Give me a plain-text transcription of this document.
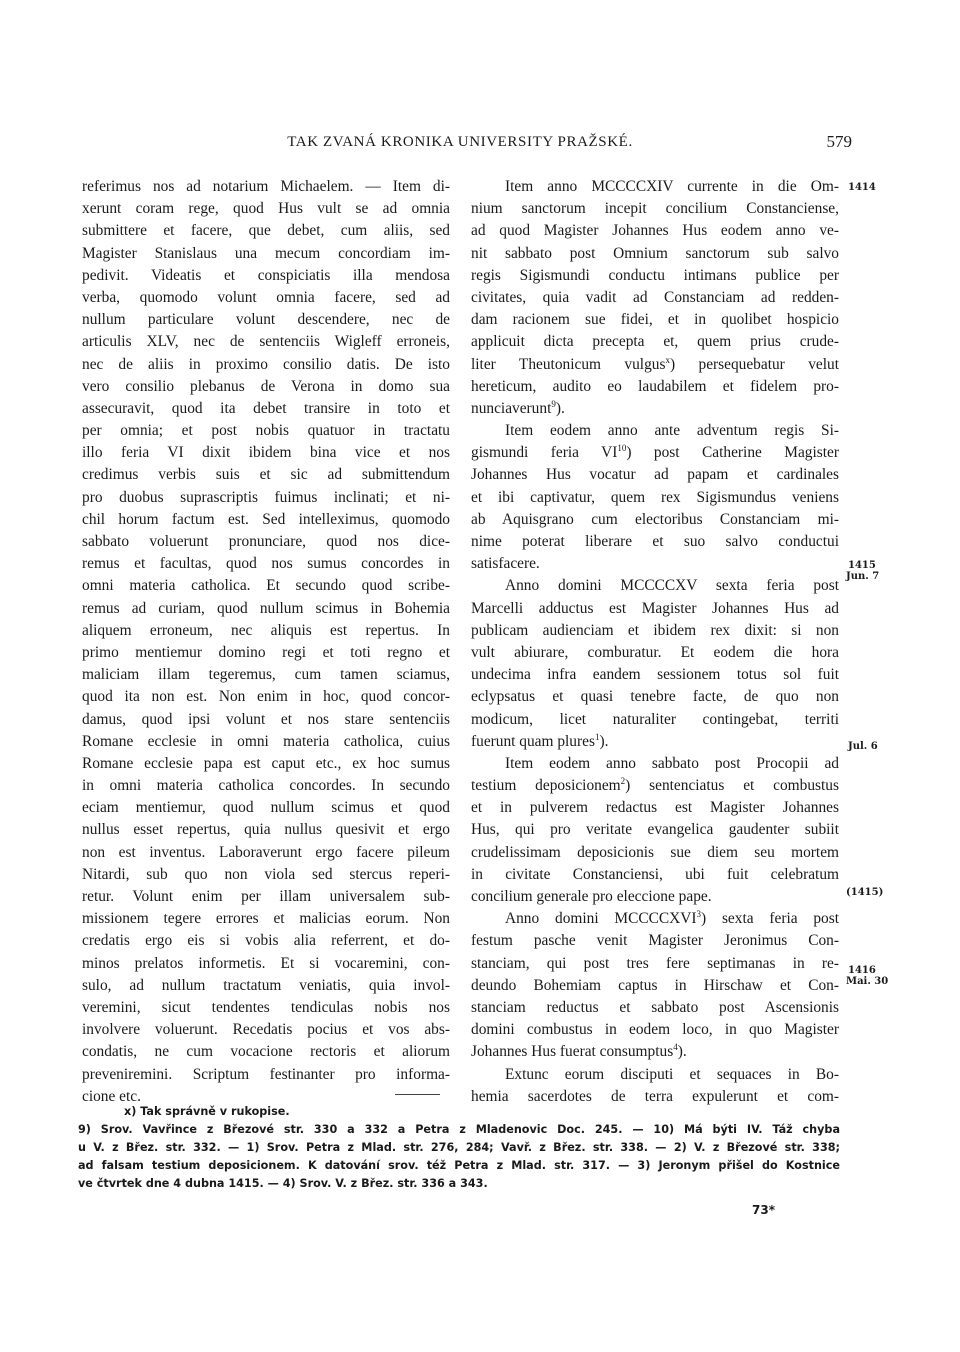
TAK ZVANÁ KRONIKA UNIVERSITY PRAŽSKÉ.	579
referimus nos ad notarium Michaelem. — Item di-
xerunt coram rege, quod Hus vult se ad omnia
submittere et facere, que debet, cum aliis, sed
Magister Stanislaus una mecum concordiam im-
pedivit. Videatis et conspiciatis illa mendosa
verba, quomodo volunt omnia facere, sed ad
nullum particulare volunt descendere, nec de
articulis XLV, nec de sentenciis Wigleff erroneis,
nec de aliis in proximo consilio datis. De isto
vero consilio plebanus de Verona in domo sua
assecuravit, quod ita debet transire in toto et
per omnia; et post nobis quatuor in tractatu
illo feria VI dixit ibidem bina vice et nos
credimus verbis suis et sic ad submittendum
pro duobus suprascriptis fuimus inclinati; et ni-
chil horum factum est. Sed intelleximus, quomodo
sabbato voluerunt pronunciare, quod nos dice-
remus et facultas, quod nos sumus concordes in
omni materia catholica. Et secundo quod scribe-
remus ad curiam, quod nullum scimus in Bohemia
aliquem erroneum, nec aliquis est repertus. In
primo mentiemur domino regi et toti regno et
maliciam illam tegeremus, cum tamen sciamus,
quod ita non est. Non enim in hoc, quod concor-
damus, quod ipsi volunt et nos stare sentenciis
Romane ecclesie in omni materia catholica, cuius
Romane ecclesie papa est caput etc., ex hoc sumus
in omni materia catholica concordes. In secundo
eciam mentiemur, quod nullum scimus et quod
nullus esset repertus, quia nullus quesivit et ergo
non est inventus. Laboraverunt ergo facere pileum
Nitardi, sub quo non viola sed stercus reperi-
retur. Volunt enim per illam universalem sub-
missionem tegere errores et malicias eorum. Non
credatis ergo eis si vobis alia referrent, et do-
minos prelatos informetis. Et si vocaremini, con-
sulo, ad nullum tractatum veniatis, quia invol-
veremini, sicut tendentes tendiculas nobis nos
involvere voluerunt. Recedatis pocius et vos abs-
condatis, ne cum vocacione rectoris et aliorum
preveniremini. Scriptum festinanter pro informa-
cione etc.
Item anno MCCCCXIV currente in die Om-
nium sanctorum incepit concilium Constanciense,
ad quod Magister Johannes Hus eodem anno ve-
nit sabbato post Omnium sanctorum sub salvo
regis Sigismundi conductu intimans publice per
civitates, quia vadit ad Constanciam ad redden-
dam racionem sue fidei, et in quolibet hospicio
applicuit dicta precepta et, quem prius crude-
liter Theutonicum vulgus$^x$) persequebatur velut
hereticum, audito eo laudabilem et fidelem pro-
nunciaverunt$^9$).
Item eodem anno ante adventum regis Si-
gismundi feria VI$^{10}$) post Catherine Magister
Johannes Hus vocatur ad papam et cardinales
et ibi captivatur, quem rex Sigismundus veniens
ab Aquisgrano cum electoribus Constanciam mi-
nime poterat liberare et suo salvo conductui
satisfacere.
Anno domini MCCCCXV sexta feria post
Marcelli adductus est Magister Johannes Hus ad
publicam audienciam et ibidem rex dixit: si non
vult abiurare, comburatur. Et eodem die hora
undecima infra eandem sessionem totus sol fuit
eclypsatus et quasi tenebre facte, de quo non
modicum, licet naturaliter contingebat, territi
fuerunt quam plures$^1$).
Item eodem anno sabbato post Procopii ad
testium deposicionem$^2$) sentenciatus et combustus
et in pulverem redactus est Magister Johannes
Hus, qui pro veritate evangelica gaudenter subiit
crudelissimam deposicionis sue diem seu mortem
in civitate Constanciensi, ubi fuit celebratum
concilium generale pro eleccione pape.
Anno domini MCCCCXVI$^3$) sexta feria post
festum pasche venit Magister Jeronimus Con-
stanciam, qui post tres fere septimanas in re-
deundo Bohemiam captus in Hirschaw et Con-
stanciam reductus et sabbato post Ascensionis
domini combustus in eodem loco, in quo Magister
Johannes Hus fuerat consumptus$^4$).
Extunc eorum disciputi et sequaces in Bo-
hemia sacerdotes de terra expulerunt et com-
1414
1415
Jun. 7
Jul. 6
(1415)
1416
Mai. 30
x) Tak správně v rukopise.
9) Srov. Vavřince z Březové str. 330 a 332 a Petra z Mladenovic Doc. 245. — 10) Má býti IV. Táž chyba
u V. z Břez. str. 332. — 1) Srov. Petra z Mlad. str. 276, 284; Vavř. z Břez. str. 338. — 2) V. z Březové str. 338;
ad falsam testium deposicionem. K datování srov. též Petra z Mlad. str. 317. — 3) Jeronym přišel do Kostnice
ve čtvrtek dne 4 dubna 1415. — 4) Srov. V. z Břez. str. 336 a 343.
73*
